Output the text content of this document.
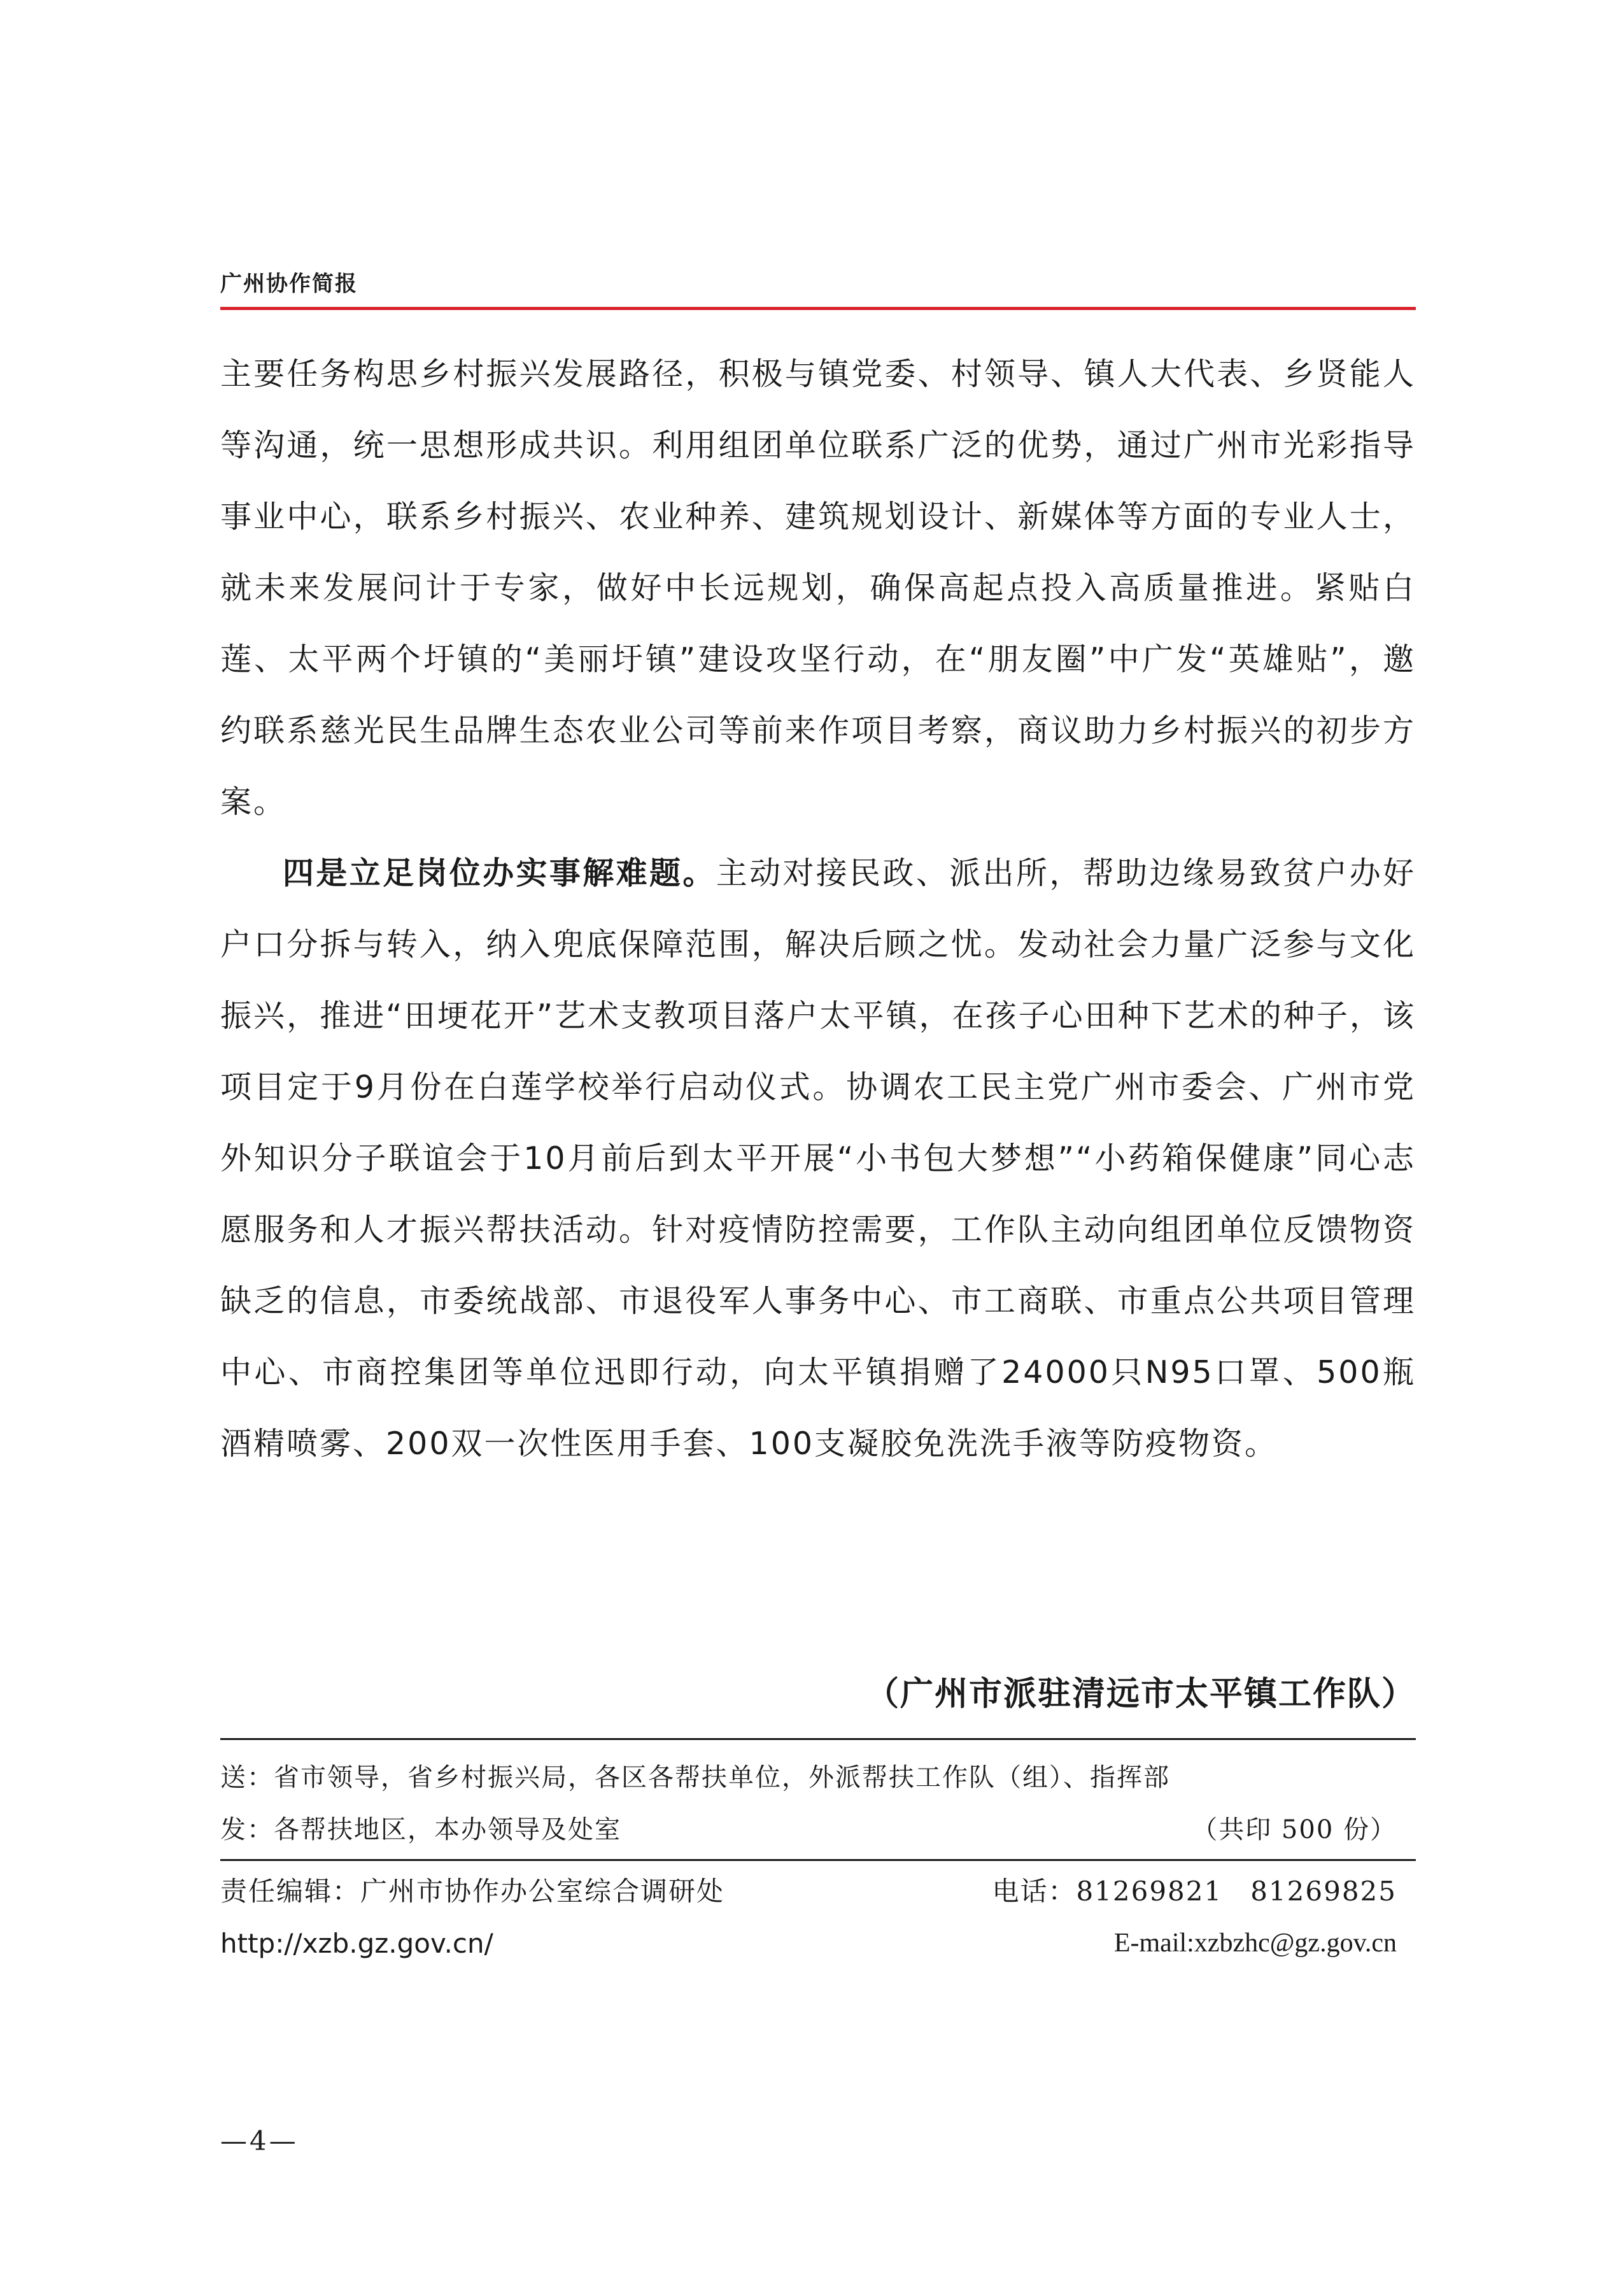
广州协作简报

主要任务构思乡村振兴发展路径，积极与镇党委、村领导、镇人大代表、乡贤能人等沟通，统一思想形成共识。利用组团单位联系广泛的优势，通过广州市光彩指导事业中心，联系乡村振兴、农业种养、建筑规划设计、新媒体等方面的专业人士，就未来发展问计于专家，做好中长远规划，确保高起点投入高质量推进。紧贴白莲、太平两个圩镇的“美丽圩镇”建设攻坚行动，在“朋友圈”中广发“英雄贴”，邀约联系慈光民生品牌生态农业公司等前来作项目考察，商议助力乡村振兴的初步方案。

四是立足岗位办实事解难题。主动对接民政、派出所，帮助边缘易致贫户办好户口分拆与转入，纳入兜底保障范围，解决后顾之忧。发动社会力量广泛参与文化振兴，推进“田埂花开”艺术支教项目落户太平镇，在孩子心田种下艺术的种子，该项目定于9月份在白莲学校举行启动仪式。协调农工民主党广州市委会、广州市党外知识分子联谊会于10月前后到太平开展“小书包大梦想”“小药箱保健康”同心志愿服务和人才振兴帮扶活动。针对疫情防控需要，工作队主动向组团单位反馈物资缺乏的信息，市委统战部、市退役军人事务中心、市工商联、市重点公共项目管理中心、市商控集团等单位迅即行动，向太平镇捐赠了24000只N95口罩、500瓶酒精喷雾、200双一次性医用手套、100支凝胶免洗洗手液等防疫物资。

（广州市派驻清远市太平镇工作队）
送：省市领导，省乡村振兴局，各区各帮扶单位，外派帮扶工作队（组）、指挥部
发：各帮扶地区，本办领导及处室	（共印 500 份）
责任编辑：广州市协作办公室综合调研处	电话：81269821　81269825
http://xzb.gz.gov.cn/	E-mail:xzbzhc@gz.gov.cn
—4—
